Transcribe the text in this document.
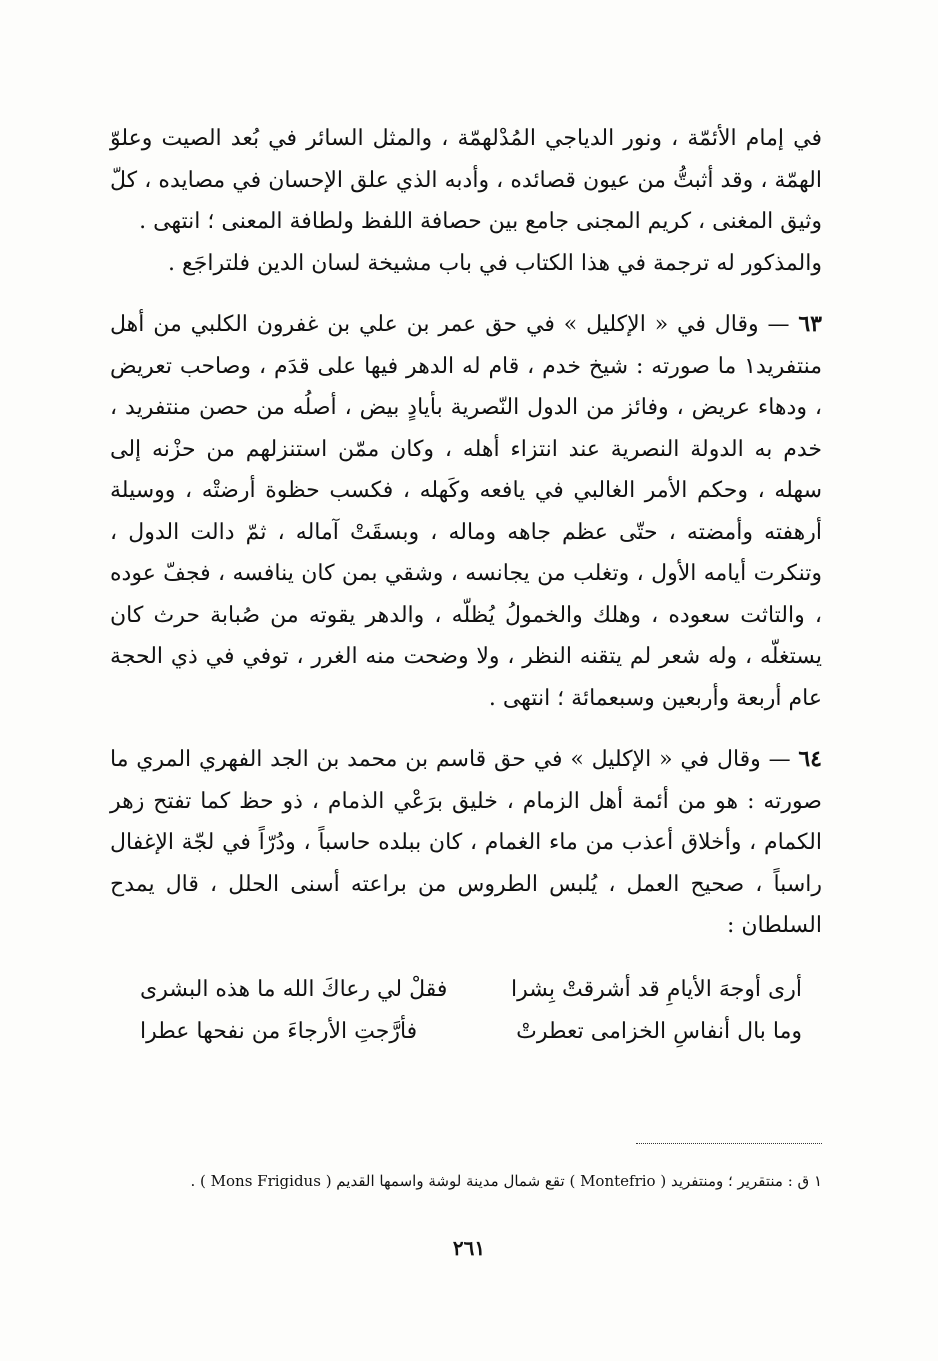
في إمام الأئمّة ، ونور الدياجي المُدْلهمّة ، والمثل السائر في بُعد الصيت وعلوّ الهمّة ، وقد أثبتُّ من عيون قصائده ، وأدبه الذي علق الإحسان في مصايده ، كلّ وثيق المغنى ، كريم المجنى جامع بين حصافة اللفظ ولطافة المعنى ؛ انتهى .

والمذكور له ترجمة في هذا الكتاب في باب مشيخة لسان الدين فلتراجَع .

٦٣ — وقال في « الإكليل » في حق عمر بن علي بن غفرون الكلبي من أهل منتفريد١ ما صورته : شيخ خدم ، قام له الدهر فيها على قدَم ، وصاحب تعريض ، ودهاء عريض ، وفائز من الدول النّصرية بأيادٍ بيض ، أصلُه من حصن منتفريد ، خدم به الدولة النصرية عند انتزاء أهله ، وكان ممّن استنزلهم من حزْنه إلى سهله ، وحكم الأمر الغالبي في يافعه وكَهله ، فكسب حظوة أرضتْه ، ووسيلة أرهفته وأمضته ، حتّى عظم جاهه وماله ، وبسقَتْ آماله ، ثمّ دالت الدول ، وتنكرت أيامه الأول ، وتغلب من يجانسه ، وشقي بمن كان ينافسه ، فجفّ عوده ، والتاثت سعوده ، وهلك والخمولُ يُظلّه ، والدهر يقوته من صُبابة حرث كان يستغلّه ، وله شعر لم يتقنه النظر ، ولا وضحت منه الغرر ، توفي في ذي الحجة عام أربعة وأربعين وسبعمائة ؛ انتهى .

٦٤ — وقال في « الإكليل » في حق قاسم بن محمد بن الجد الفهري المري ما صورته : هو من أئمة أهل الزمام ، خليق برَعْي الذمام ، ذو حظ كما تفتح زهر الكمام ، وأخلاق أعذب من ماء الغمام ، كان ببلده حاسباً ، ودُرّاً في لجّة الإغفال راسباً ، صحيح العمل ، يُلبس الطروس من براعته أسنى الحلل ، قال يمدح السلطان :

أرى أوجهَ الأيامِ قد أشرقتْ بِشرا
فقلْ لي رعاكَ الله ما هذه البشرى
وما بال أنفاسِ الخزامى تعطرتْ
فأرَّجتِ الأرجاءَ من نفحها عطرا
١ ق : منتقرير ؛ ومنتفريد ( Montefrio ) تقع شمال مدينة لوشة واسمها القديم ( Mons Frigidus ) .
٢٦١
